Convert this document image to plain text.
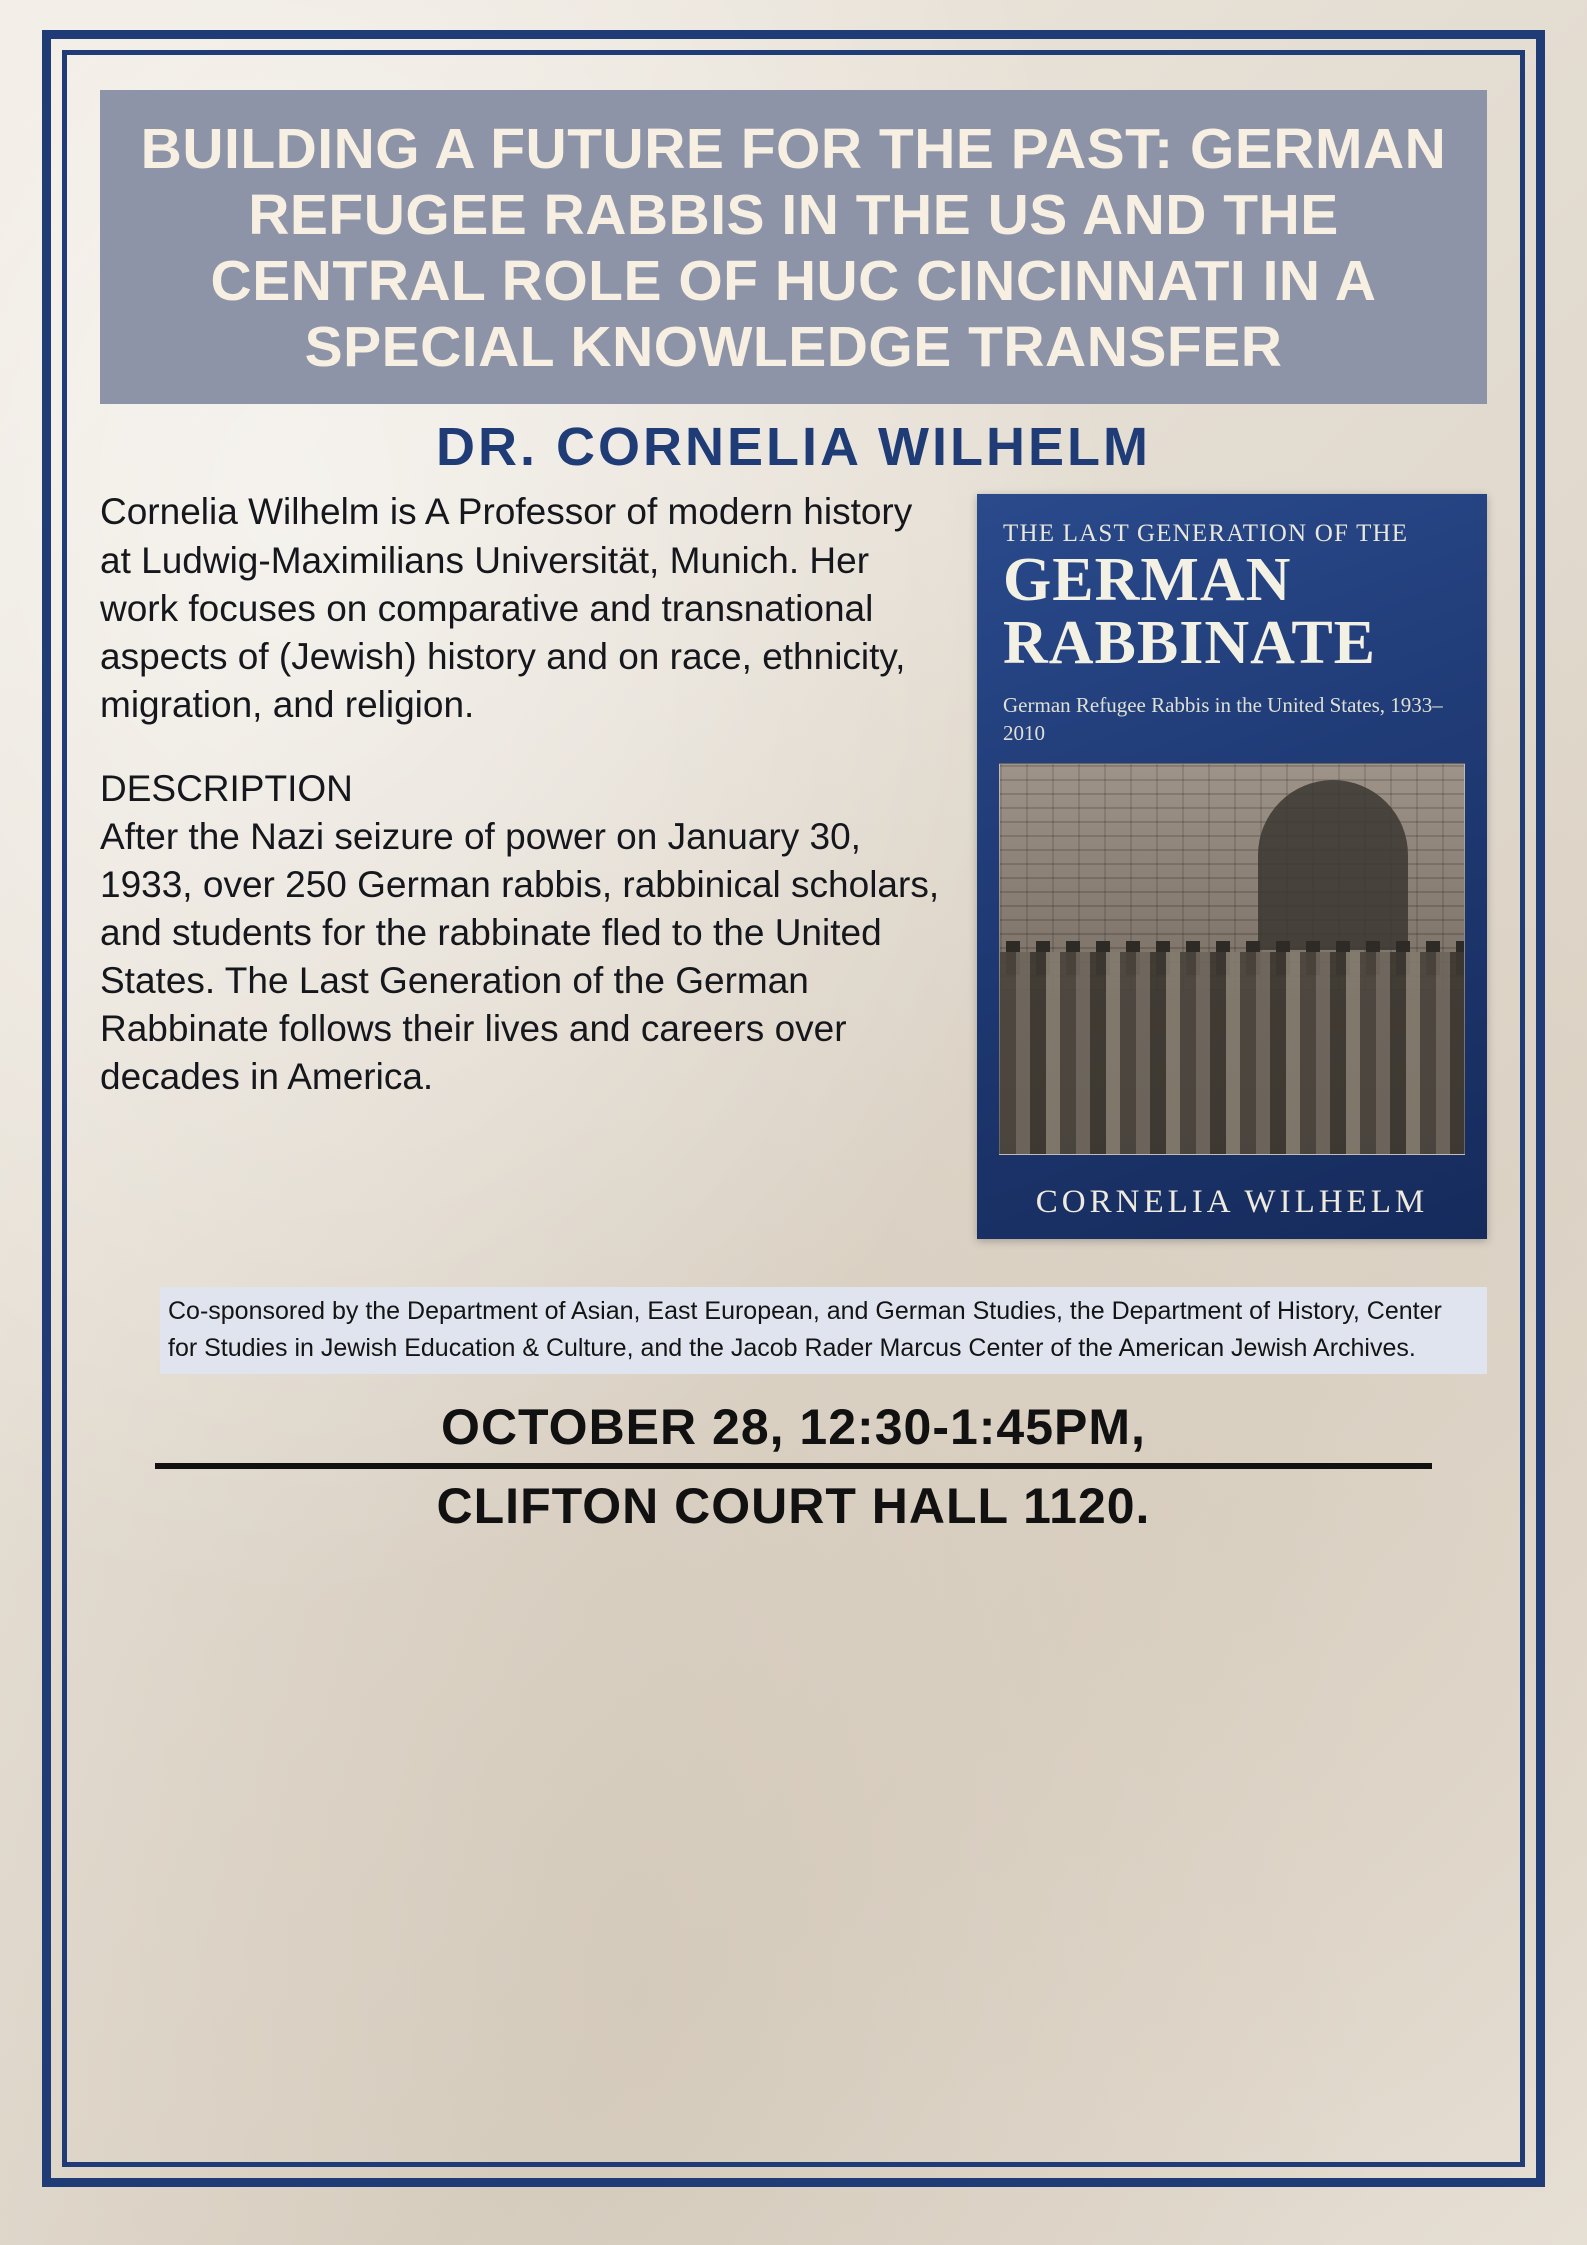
BUILDING A FUTURE FOR THE PAST: GERMAN REFUGEE RABBIS IN THE US AND THE CENTRAL ROLE OF HUC CINCINNATI IN A SPECIAL KNOWLEDGE TRANSFER
DR. CORNELIA WILHELM

THE LAST GENERATION OF THE

GERMAN
RABBINATE

German Refugee Rabbis in the United States, 1933–2010

CORNELIA WILHELM

Cornelia Wilhelm is A Professor of modern history at Ludwig-Maximilians Universität, Munich. Her work focuses on comparative and transnational aspects of (Jewish) history and on race, ethnicity, migration, and religion.

DESCRIPTION

After the Nazi seizure of power on January 30, 1933, over 250 German rabbis, rabbinical scholars, and students for the rabbinate fled to the United States. The Last Generation of the German Rabbinate follows their lives and careers over decades in America.

Co-sponsored by the Department of Asian, East European, and German Studies, the Department of History, Center for Studies in Jewish Education & Culture, and the Jacob Rader Marcus Center of the American Jewish Archives.
OCTOBER 28, 12:30-1:45PM,
CLIFTON COURT HALL 1120.
